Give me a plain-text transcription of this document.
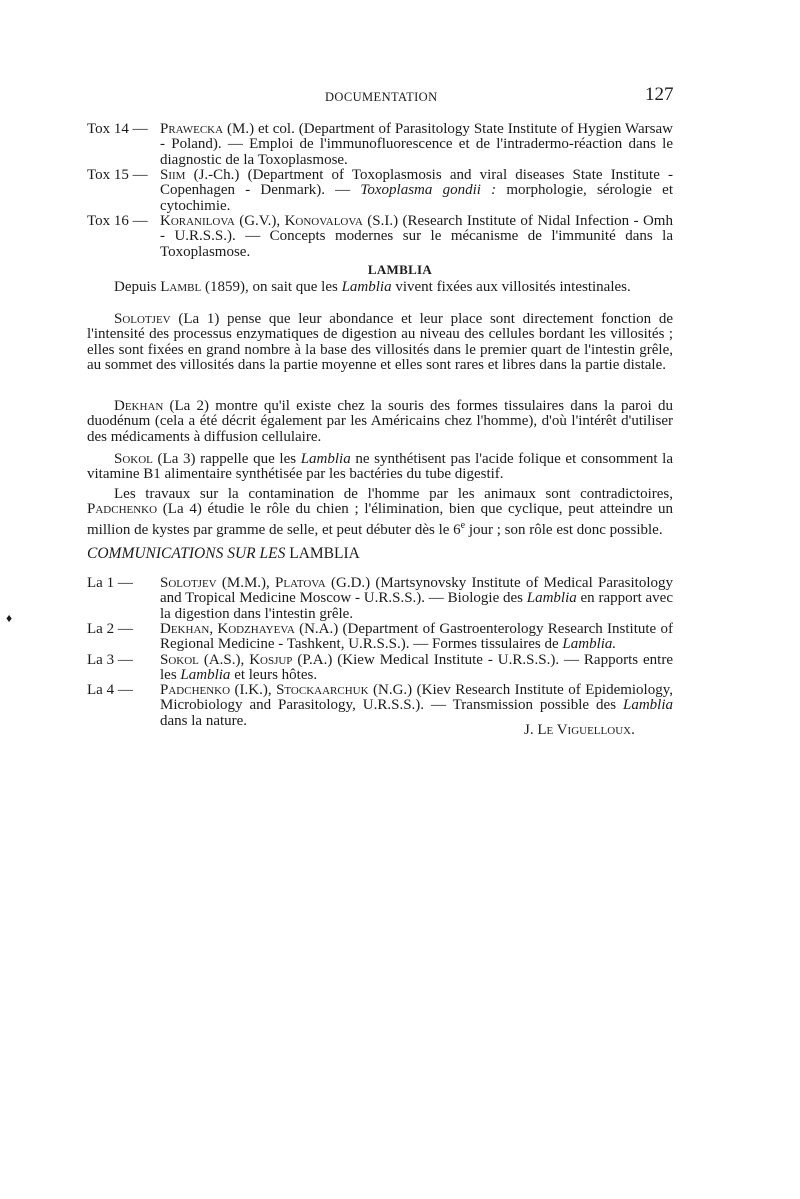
DOCUMENTATION	127
Tox 14 — Prawecka (M.) et col. (Department of Parasitology State Institute of Hygien Warsaw - Poland). — Emploi de l'immunofluorescence et de l'intradermo-réaction dans le diagnostic de la Toxoplasmose.
Tox 15 — Siim (J.-Ch.) (Department of Toxoplasmosis and viral diseases State Institute - Copenhagen - Denmark). — Toxoplasma gondii : morphologie, sérologie et cytochimie.
Tox 16 — Koranilova (G.V.), Konovalova (S.I.) (Research Institute of Nidal Infection - Omh - U.R.S.S.). — Concepts modernes sur le mécanisme de l'immunité dans la Toxoplasmose.
LAMBLIA

Depuis Lambl (1859), on sait que les Lamblia vivent fixées aux villosités intestinales.

Solotjev (La 1) pense que leur abondance et leur place sont directement fonction de l'intensité des processus enzymatiques de digestion au niveau des cellules bordant les villosités ; elles sont fixées en grand nombre à la base des villosités dans le premier quart de l'intestin grêle, au sommet des villosités dans la partie moyenne et elles sont rares et libres dans la partie distale.

Dekhan (La 2) montre qu'il existe chez la souris des formes tissulaires dans la paroi du duodénum (cela a été décrit également par les Américains chez l'homme), d'où l'intérêt d'utiliser des médicaments à diffusion cellulaire.

Sokol (La 3) rappelle que les Lamblia ne synthétisent pas l'acide folique et consomment la vitamine B1 alimentaire synthétisée par les bactéries du tube digestif.

Les travaux sur la contamination de l'homme par les animaux sont contradictoires, Padchenko (La 4) étudie le rôle du chien ; l'élimination, bien que cyclique, peut atteindre un million de kystes par gramme de selle, et peut débuter dès le 6e jour ; son rôle est donc possible.

COMMUNICATIONS SUR LES LAMBLIA
La 1 —	Solotjev (M.M.), Platova (G.D.) (Martsynovsky Institute of Medical Parasitology and Tropical Medicine Moscow - U.R.S.S.). — Biologie des Lamblia en rapport avec la digestion dans l'intestin grêle.
La 2 —	Dekhan, Kodzhayeva (N.A.) (Department of Gastroenterology Research Institute of Regional Medicine - Tashkent, U.R.S.S.). — Formes tissulaires de Lamblia.
La 3 —	Sokol (A.S.), Kosjup (P.A.) (Kiew Medical Institute - U.R.S.S.). — Rapports entre les Lamblia et leurs hôtes.
La 4 —	Padchenko (I.K.), Stockaarchuk (N.G.) (Kiev Research Institute of Epidemiology, Microbiology and Parasitology, U.R.S.S.). — Transmission possible des Lamblia dans la nature.
J. Le Viguelloux.
♦
